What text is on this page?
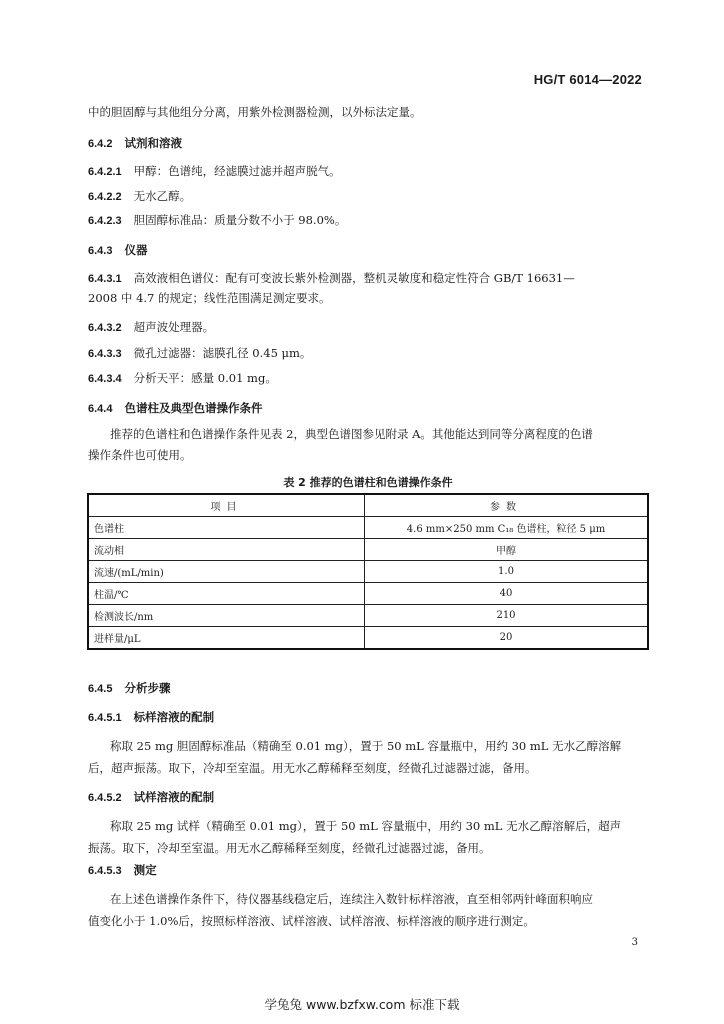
HG/T 6014—2022
中的胆固醇与其他组分分离，用紫外检测器检测，以外标法定量。
6.4.2 试剂和溶液
6.4.2.1 甲醇：色谱纯，经滤膜过滤并超声脱气。
6.4.2.2 无水乙醇。
6.4.2.3 胆固醇标准品：质量分数不小于 98.0%。
6.4.3 仪器
6.4.3.1 高效液相色谱仪：配有可变波长紫外检测器，整机灵敏度和稳定性符合 GB/T 16631—
2008 中 4.7 的规定；线性范围满足测定要求。
6.4.3.2 超声波处理器。
6.4.3.3 微孔过滤器：滤膜孔径 0.45 μm。
6.4.3.4 分析天平：感量 0.01 mg。
6.4.4 色谱柱及典型色谱操作条件
推荐的色谱柱和色谱操作条件见表 2，典型色谱图参见附录 A。其他能达到同等分离程度的色谱
操作条件也可使用。
表 2 推荐的色谱柱和色谱操作条件
项目	参数
色谱柱	4.6 mm×250 mm C₁₈ 色谱柱，粒径 5 μm
流动相	甲醇
流速/(mL/min)	1.0
柱温/℃	40
检测波长/nm	210
进样量/μL	20
6.4.5 分析步骤
6.4.5.1 标样溶液的配制
称取 25 mg 胆固醇标准品（精确至 0.01 mg），置于 50 mL 容量瓶中，用约 30 mL 无水乙醇溶解
后，超声振荡。取下，冷却至室温。用无水乙醇稀释至刻度，经微孔过滤器过滤，备用。
6.4.5.2 试样溶液的配制
称取 25 mg 试样（精确至 0.01 mg），置于 50 mL 容量瓶中，用约 30 mL 无水乙醇溶解后，超声
振荡。取下，冷却至室温。用无水乙醇稀释至刻度，经微孔过滤器过滤，备用。
6.4.5.3 测定
在上述色谱操作条件下，待仪器基线稳定后，连续注入数针标样溶液，直至相邻两针峰面积响应
值变化小于 1.0%后，按照标样溶液、试样溶液、试样溶液、标样溶液的顺序进行测定。
3
学兔兔 www.bzfxw.com 标准下载
